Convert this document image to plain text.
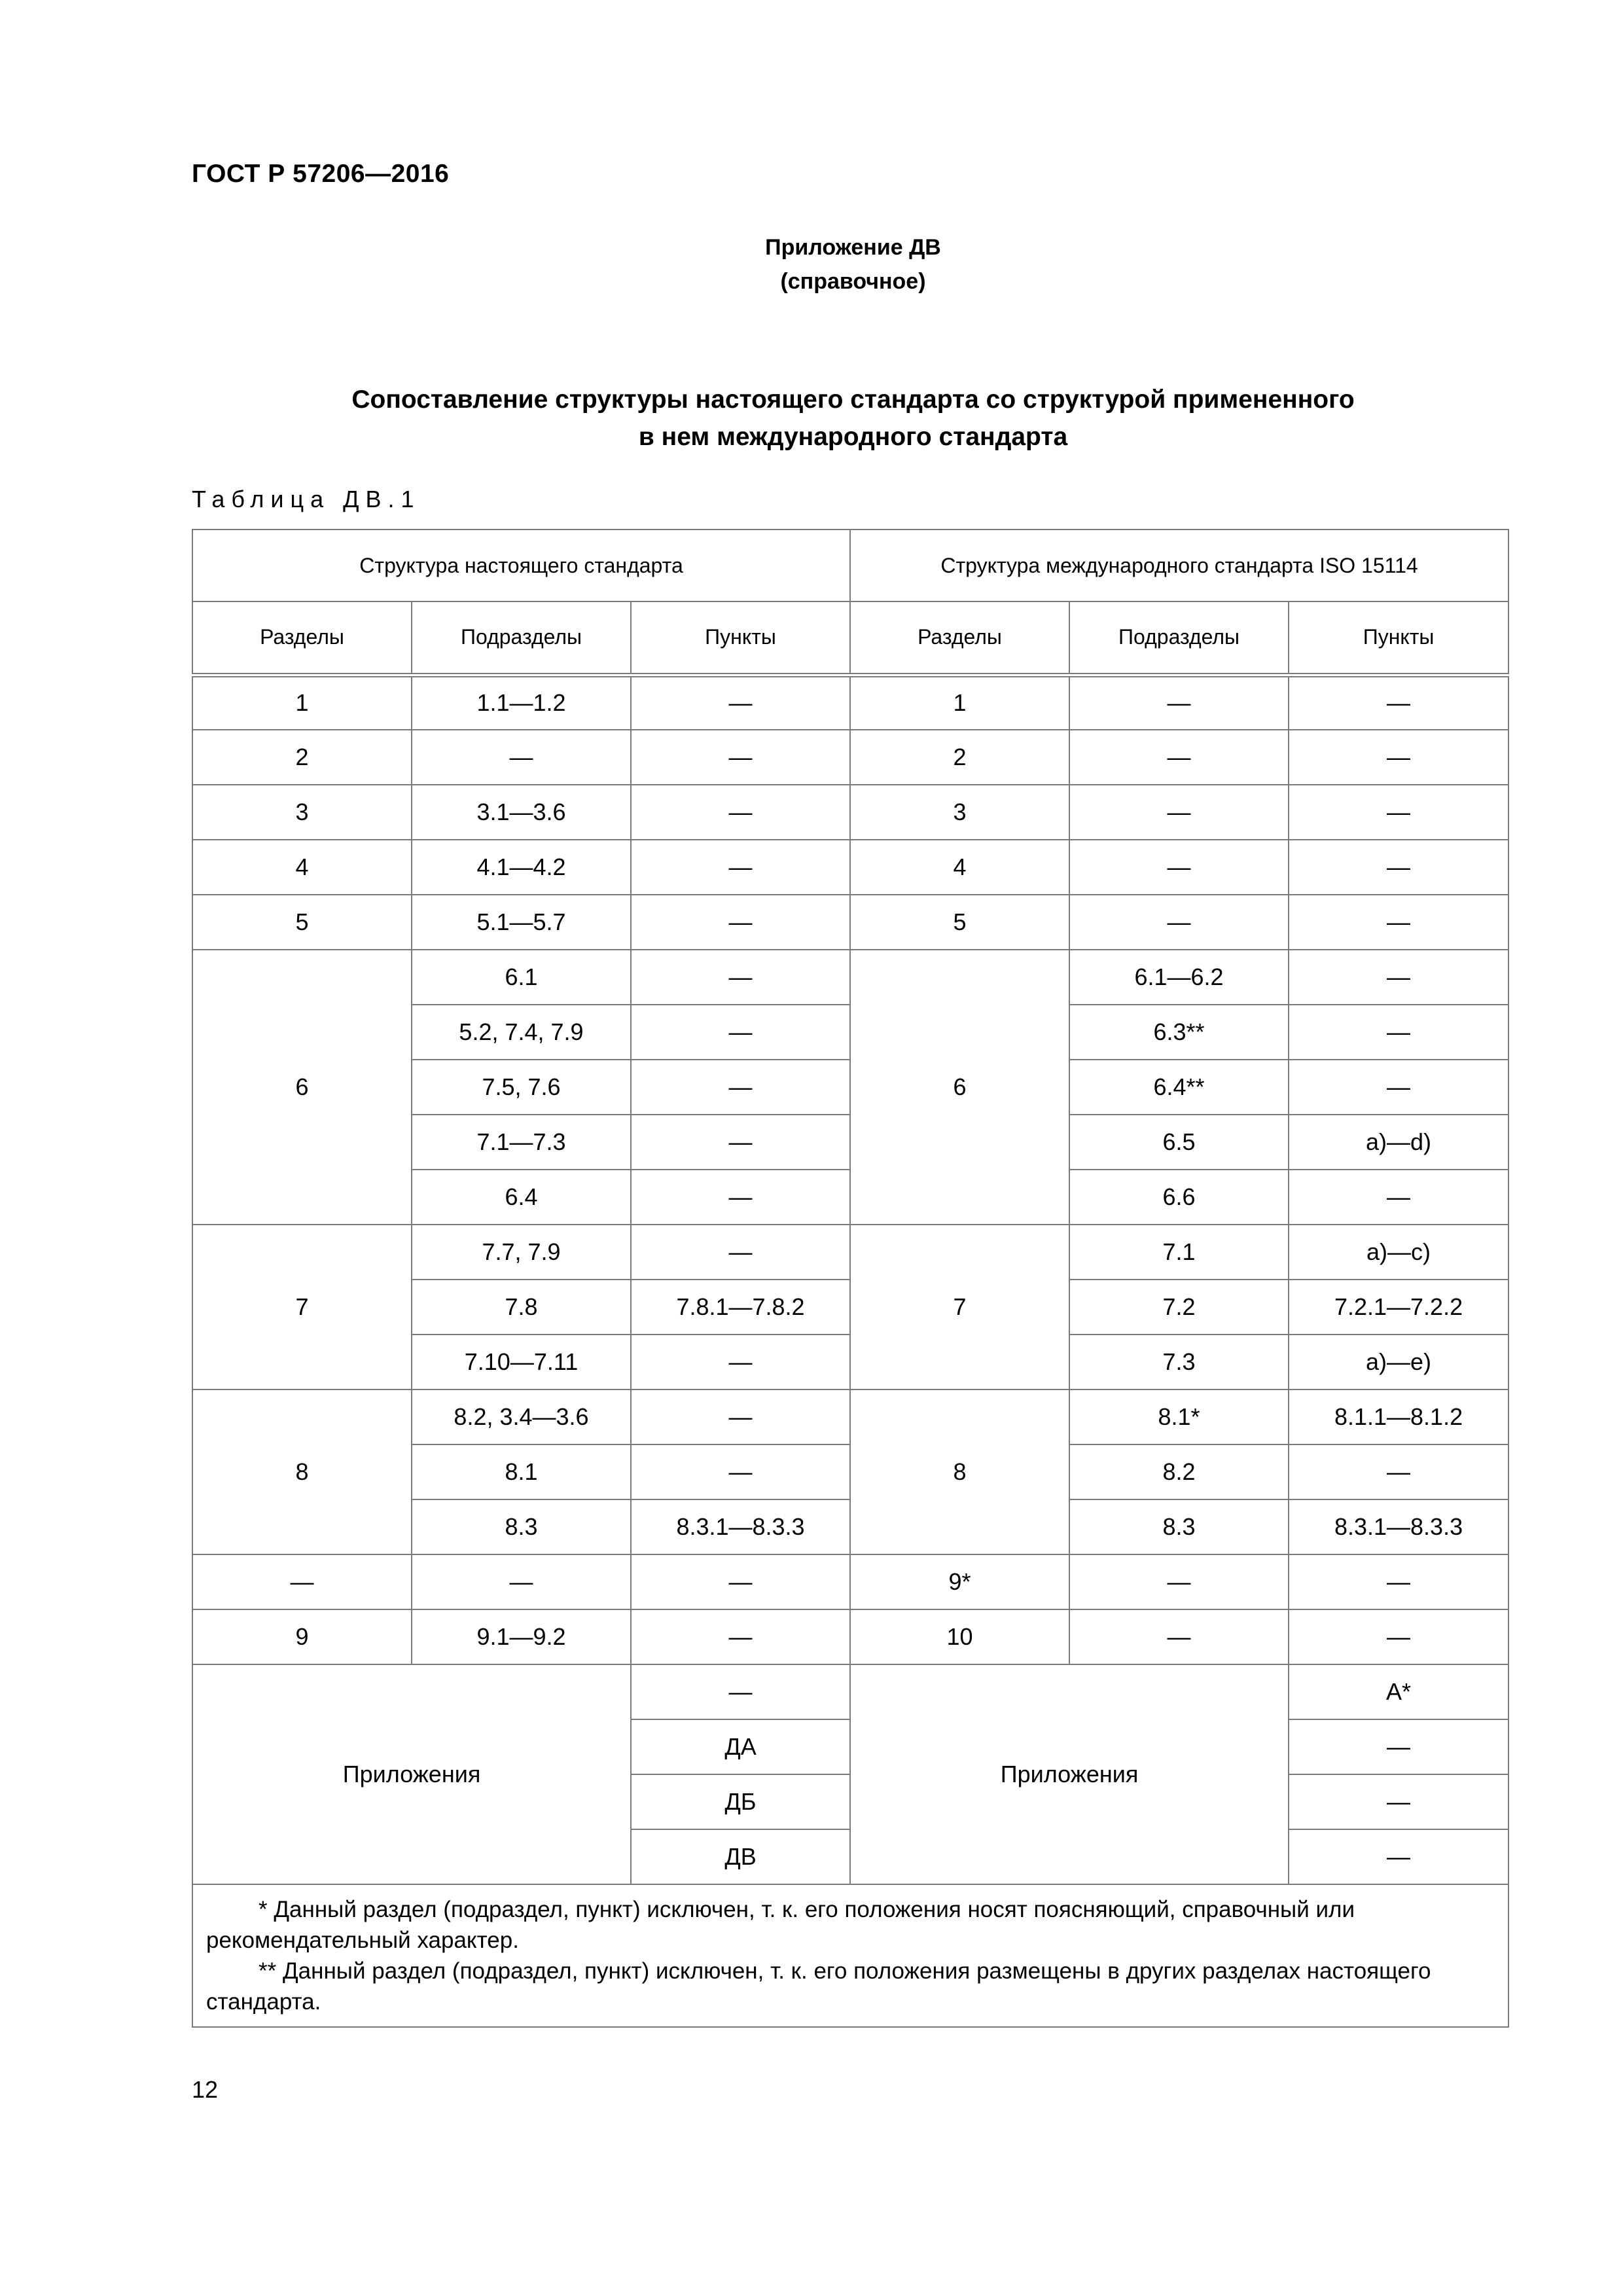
ГОСТ Р 57206—2016
Приложение ДВ
(справочное)
Сопоставление структуры настоящего стандарта со структурой примененного
в нем международного стандарта
Таблица ДВ.1
Структура настоящего стандарта			Структура международного стандарта ISO 15114		
Разделы	Подразделы	Пункты	Разделы	Подразделы	Пункты
1	1.1—1.2	—	1	—	—
2	—	—	2	—	—
3	3.1—3.6	—	3	—	—
4	4.1—4.2	—	4	—	—
5	5.1—5.7	—	5	—	—
6	6.1	—	6	6.1—6.2	—
	5.2, 7.4, 7.9	—		6.3**	—
	7.5, 7.6	—		6.4**	—
	7.1—7.3	—		6.5	а)—d)
	6.4	—		6.6	—
7	7.7, 7.9	—	7	7.1	а)—с)
	7.8	7.8.1—7.8.2		7.2	7.2.1—7.2.2
	7.10—7.11	—		7.3	а)—е)
8	8.2, 3.4—3.6	—	8	8.1*	8.1.1—8.1.2
	8.1	—		8.2	—
	8.3	8.3.1—8.3.3		8.3	8.3.1—8.3.3
—	—	—	9*	—	—
9	9.1—9.2	—	10	—	—
Приложения		—	Приложения		А*
		ДА			—
		ДБ			—
		ДВ			—

* Данный раздел (подраздел, пункт) исключен, т. к. его положения носят поясняющий, справочный или рекомендательный характер.
** Данный раздел (подраздел, пункт) исключен, т. к. его положения размещены в других разделах настоящего стандарта.					
12
